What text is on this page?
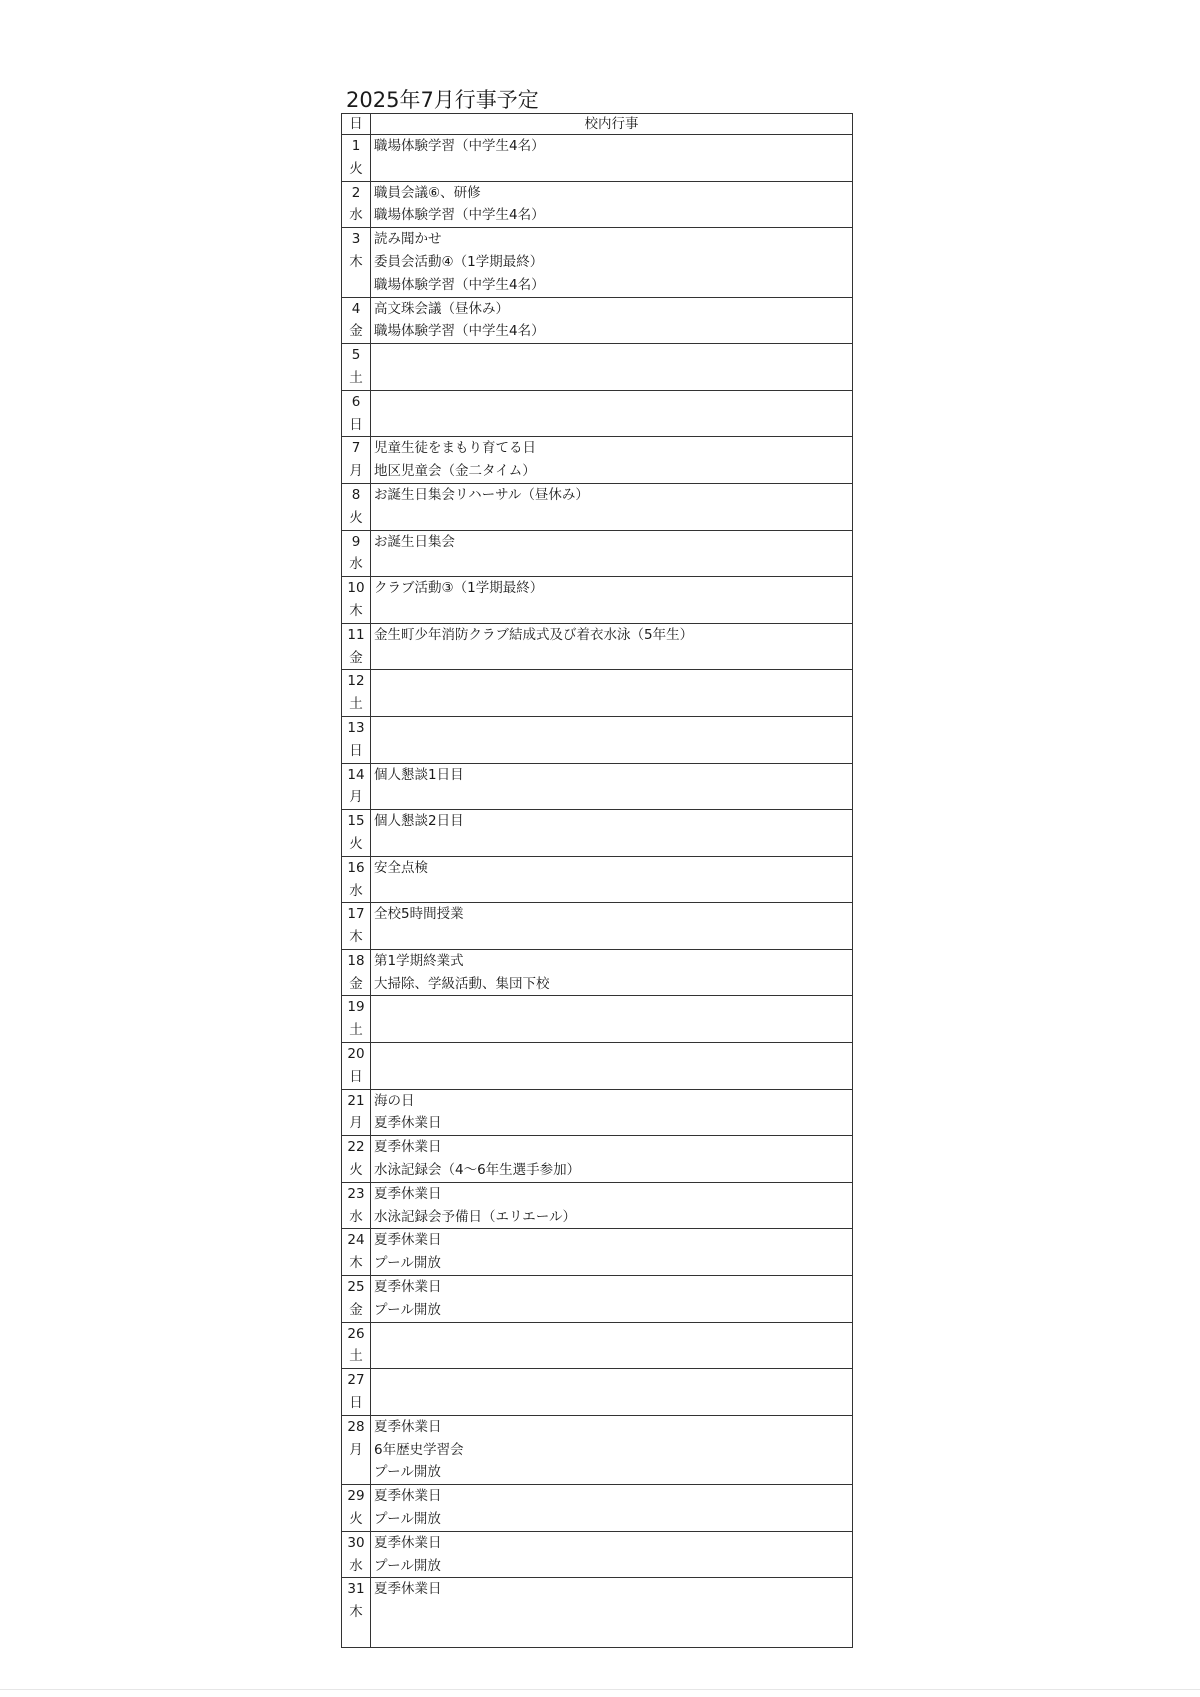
2025年7月行事予定
日	校内行事

1
火	職場体験学習（中学生4名）

2
水	職員会議⑥、研修
職場体験学習（中学生4名）

3
木	読み聞かせ
委員会活動④（1学期最終）
職場体験学習（中学生4名）

4
金	高文珠会議（昼休み）
職場体験学習（中学生4名）

5
土	

6
日	

7
月	児童生徒をまもり育てる日
地区児童会（金二タイム）

8
火	お誕生日集会リハーサル（昼休み）

9
水	お誕生日集会

10
木	クラブ活動③（1学期最終）

11
金	金生町少年消防クラブ結成式及び着衣水泳（5年生）

12
土	

13
日	

14
月	個人懇談1日目

15
火	個人懇談2日目

16
水	安全点検

17
木	全校5時間授業

18
金	第1学期終業式
大掃除、学級活動、集団下校

19
土	

20
日	

21
月	海の日
夏季休業日

22
火	夏季休業日
水泳記録会（4～6年生選手参加）

23
水	夏季休業日
水泳記録会予備日（エリエール）

24
木	夏季休業日
プール開放

25
金	夏季休業日
プール開放

26
土	

27
日	

28
月	夏季休業日
6年歴史学習会
プール開放

29
火	夏季休業日
プール開放

30
水	夏季休業日
プール開放

31
木	夏季休業日
